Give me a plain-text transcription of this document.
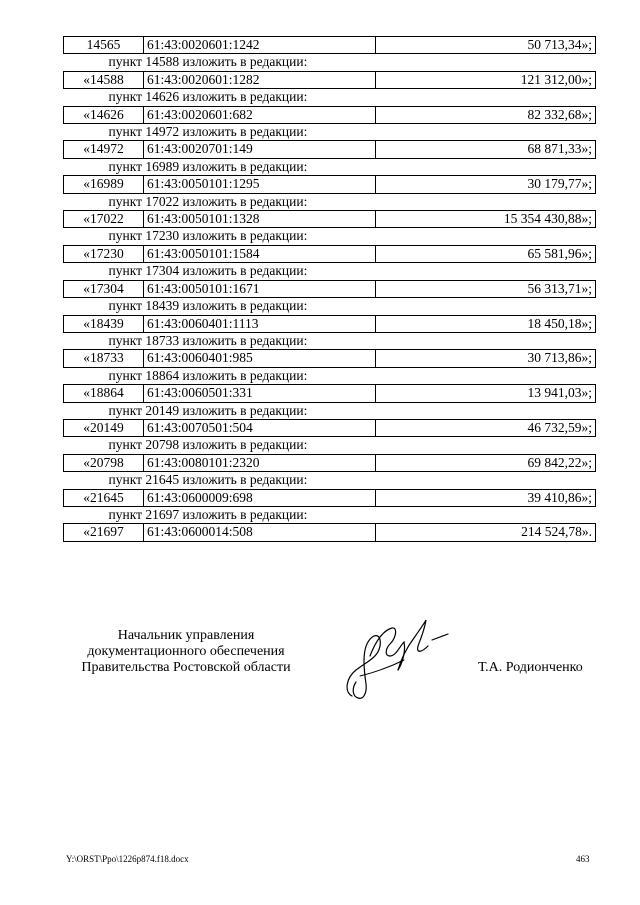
14565	61:43:0020601:1242	50 713,34»;

пункт 14588 изложить в редакции:		

«14588	61:43:0020601:1282	121 312,00»;

пункт 14626 изложить в редакции:		

«14626	61:43:0020601:682	82 332,68»;

пункт 14972 изложить в редакции:		

«14972	61:43:0020701:149	68 871,33»;

пункт 16989 изложить в редакции:		

«16989	61:43:0050101:1295	30 179,77»;

пункт 17022 изложить в редакции:		

«17022	61:43:0050101:1328	15 354 430,88»;

пункт 17230 изложить в редакции:		

«17230	61:43:0050101:1584	65 581,96»;

пункт 17304 изложить в редакции:		

«17304	61:43:0050101:1671	56 313,71»;

пункт 18439 изложить в редакции:		

«18439	61:43:0060401:1113	18 450,18»;

пункт 18733 изложить в редакции:		

«18733	61:43:0060401:985	30 713,86»;

пункт 18864 изложить в редакции:		

«18864	61:43:0060501:331	13 941,03»;

пункт 20149 изложить в редакции:		

«20149	61:43:0070501:504	46 732,59»;

пункт 20798 изложить в редакции:		

«20798	61:43:0080101:2320	69 842,22»;

пункт 21645 изложить в редакции:		

«21645	61:43:0600009:698	39 410,86»;

пункт 21697 изложить в редакции:		

«21697	61:43:0600014:508	214 524,78».
Начальник управления
документационного обеспечения
Правительства Ростовской области	Т.А. Родионченко
Y:\ORST\Ppo\1226p874.f18.docx	463
